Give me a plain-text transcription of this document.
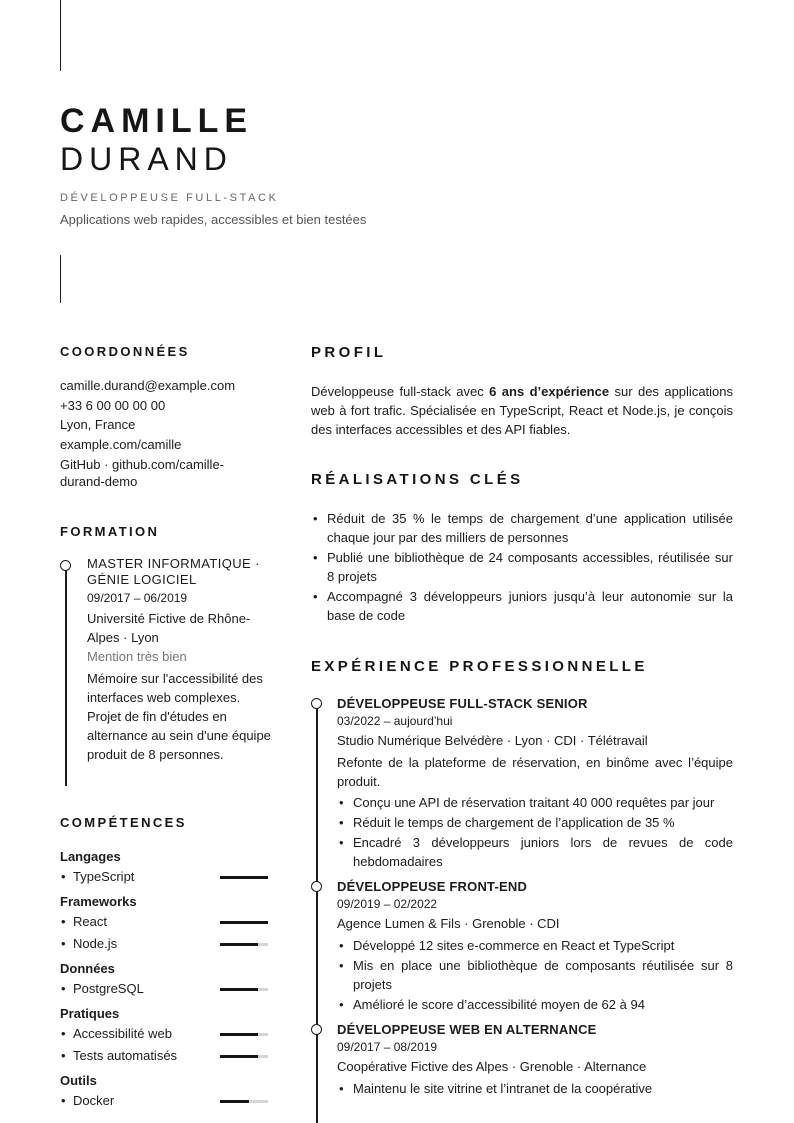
CAMILLE
DURAND
DÉVELOPPEUSE FULL-STACK
Applications web rapides, accessibles et bien testées
COORDONNÉES
camille.durand@example.com
+33 6 00 00 00 00
Lyon, France
example.com/camille
GitHub · github.com/camille-durand-demo
FORMATION
MASTER INFORMATIQUE · GÉNIE LOGICIEL
09/2017 – 06/2019
Université Fictive de Rhône-Alpes · Lyon
Mention très bien
Mémoire sur l'accessibilité des interfaces web complexes. Projet de fin d'études en alternance au sein d'une équipe produit de 8 personnes.
COMPÉTENCES
Langages
• TypeScript
Frameworks
• React
• Node.js
Données
• PostgreSQL
Pratiques
• Accessibilité web
• Tests automatisés
Outils
• Docker
PROFIL
Développeuse full-stack avec 6 ans d’expérience sur des applications web à fort trafic. Spécialisée en TypeScript, React et Node.js, je conçois des interfaces accessibles et des API fiables.
RÉALISATIONS CLÉS
• Réduit de 35 % le temps de chargement d’une application utilisée chaque jour par des milliers de personnes
• Publié une bibliothèque de 24 composants accessibles, réutilisée sur 8 projets
• Accompagné 3 développeurs juniors jusqu’à leur autonomie sur la base de code
EXPÉRIENCE PROFESSIONNELLE
DÉVELOPPEUSE FULL-STACK SENIOR
03/2022 – aujourd’hui
Studio Numérique Belvédère · Lyon · CDI · Télétravail
Refonte de la plateforme de réservation, en binôme avec l’équipe produit.
• Conçu une API de réservation traitant 40 000 requêtes par jour
• Réduit le temps de chargement de l’application de 35 %
• Encadré 3 développeurs juniors lors de revues de code hebdomadaires
DÉVELOPPEUSE FRONT-END
09/2019 – 02/2022
Agence Lumen & Fils · Grenoble · CDI
• Développé 12 sites e-commerce en React et TypeScript
• Mis en place une bibliothèque de composants réutilisée sur 8 projets
• Amélioré le score d’accessibilité moyen de 62 à 94
DÉVELOPPEUSE WEB EN ALTERNANCE
09/2017 – 08/2019
Coopérative Fictive des Alpes · Grenoble · Alternance
• Maintenu le site vitrine et l’intranet de la coopérative
